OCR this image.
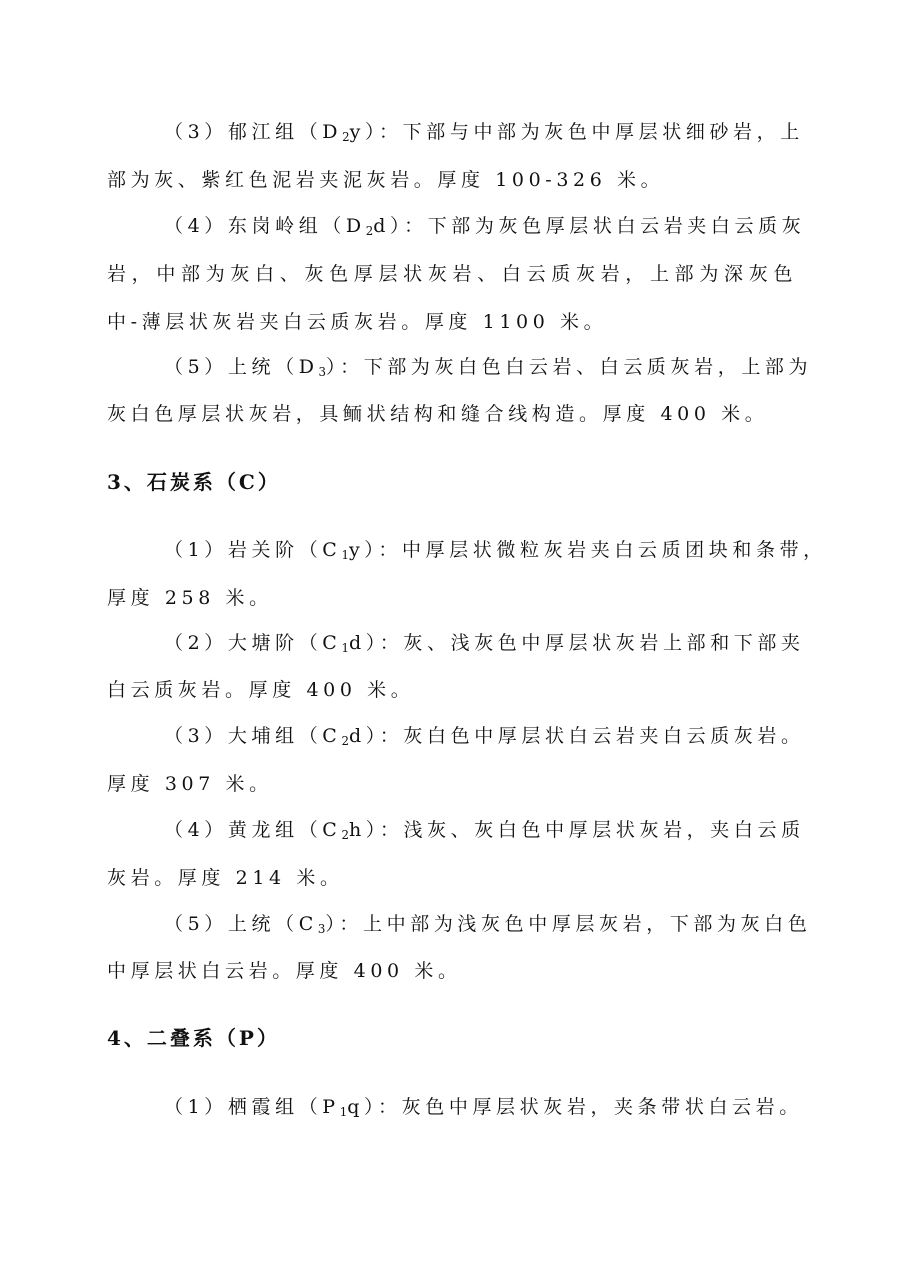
（3）郁江组$(D_2y)$：下部与中部为灰色中厚层状细砂岩，上
部为灰、紫红色泥岩夹泥灰岩。厚度 100-326 米。
（4）东岗岭组$(D_2d)$：下部为灰色厚层状白云岩夹白云质灰
岩，中部为灰白、灰色厚层状灰岩、白云质灰岩，上部为深灰色
中-薄层状灰岩夹白云质灰岩。厚度 1100 米。
（5）上统$(D_3)$：下部为灰白色白云岩、白云质灰岩，上部为
灰白色厚层状灰岩，具鲕状结构和缝合线构造。厚度 400 米。
3、石炭系（C）
（1）岩关阶$(C_1y)$：中厚层状微粒灰岩夹白云质团块和条带，
厚度 258 米。
（2）大塘阶$(C_1d)$：灰、浅灰色中厚层状灰岩上部和下部夹
白云质灰岩。厚度 400 米。
（3）大埔组$(C_2d)$：灰白色中厚层状白云岩夹白云质灰岩。
厚度 307 米。
（4）黄龙组$(C_2h)$：浅灰、灰白色中厚层状灰岩，夹白云质
灰岩。厚度 214 米。
（5）上统$(C_3)$：上中部为浅灰色中厚层灰岩，下部为灰白色
中厚层状白云岩。厚度 400 米。
4、二叠系（P）
（1）栖霞组$(P_1q)$：灰色中厚层状灰岩，夹条带状白云岩。
